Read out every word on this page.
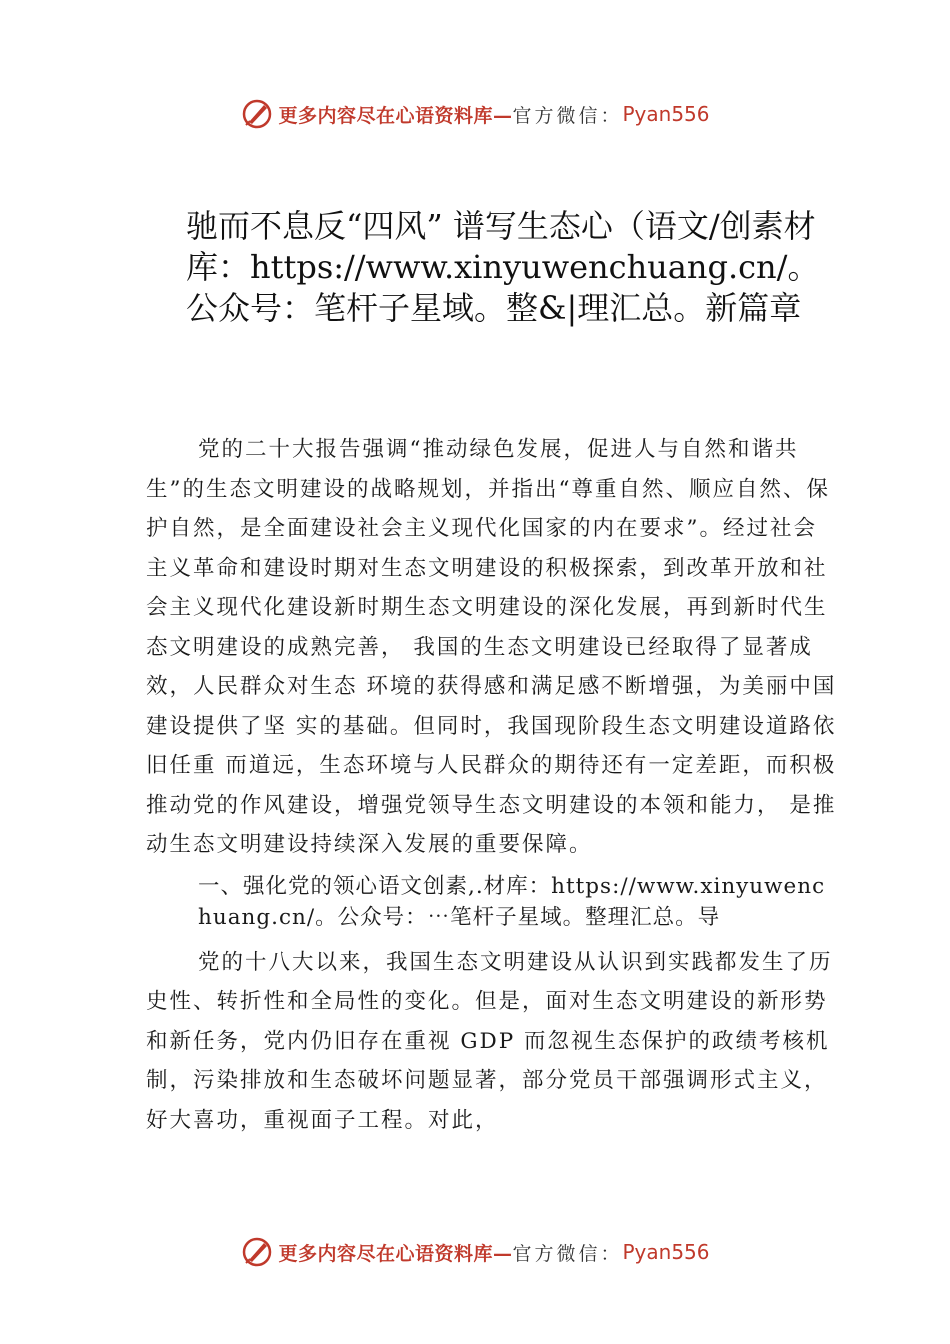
更多内容尽在心语资料库— 官方微信： Pyan556
驰而不息反“四风” 谱写生态心（语文/创素材库：https://www.xinyuwenchuang.cn/。公众号：笔杆子星域。整&|理汇总。新篇章

党的二十大报告强调“推动绿色发展，促进人与自然和谐共生”的生态文明建设的战略规划，并指出“尊重自然、顺应自然、保护自然，是全面建设社会主义现代化国家的内在要求”。经过社会主义革命和建设时期对生态文明建设的积极探索，到改革开放和社会主义现代化建设新时期生态文明建设的深化发展，再到新时代生态文明建设的成熟完善， 我国的生态文明建设已经取得了显著成效，人民群众对生态 环境的获得感和满足感不断增强，为美丽中国建设提供了坚 实的基础。但同时，我国现阶段生态文明建设道路依旧任重 而道远，生态环境与人民群众的期待还有一定差距，而积极 推动党的作风建设，增强党领导生态文明建设的本领和能力， 是推动生态文明建设持续深入发展的重要保障。

一、强化党的领心语文创素,.材库：https://www.xinyuwenchuang.cn/。公众号：⋯笔杆子星域。整理汇总。导

党的十八大以来，我国生态文明建设从认识到实践都发生了历史性、转折性和全局性的变化。但是，面对生态文明建设的新形势和新任务，党内仍旧存在重视 GDP 而忽视生态保护的政绩考核机制，污染排放和生态破坏问题显著，部分党员干部强调形式主义，好大喜功，重视面子工程。对此，

更多内容尽在心语资料库— 官方微信： Pyan556
